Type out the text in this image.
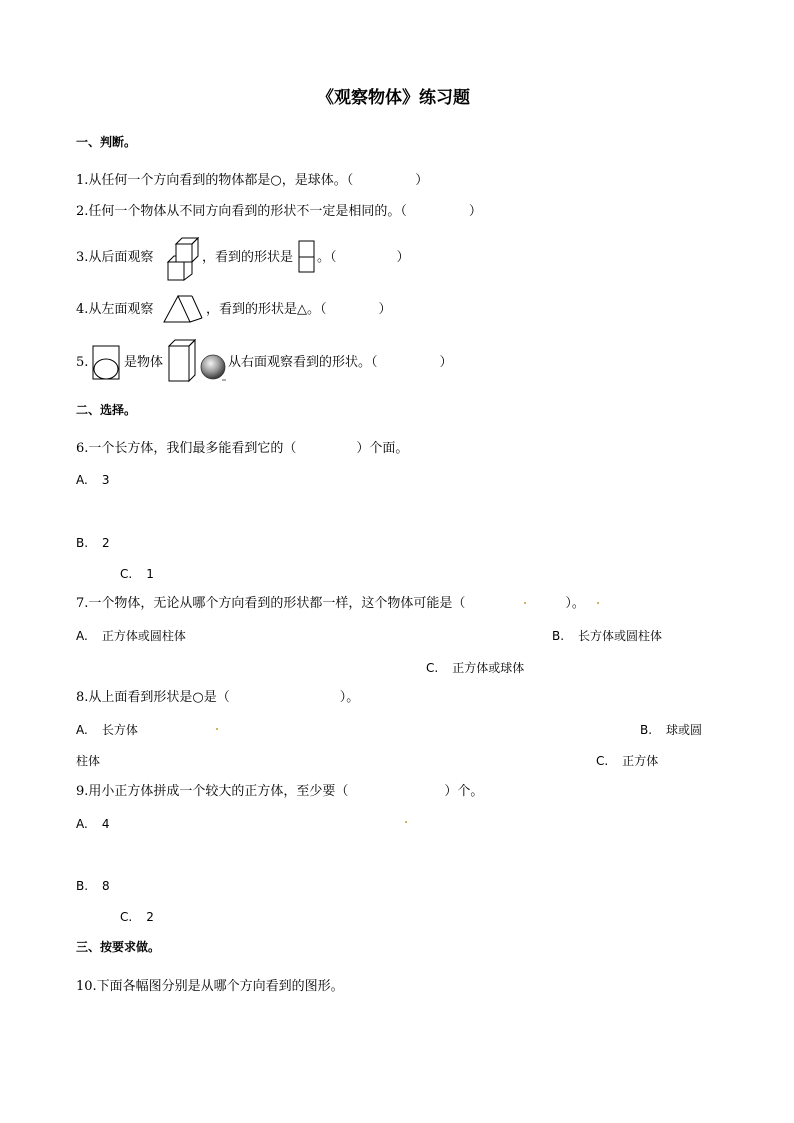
《观察物体》练习题
一、判断。
1.从任何一个方向看到的物体都是○，是球体。（	）
2.任何一个物体从不同方向看到的形状不一定是相同的。（	）
3.从后面观察	，看到的形状是 。（	）
4.从左面观察	，看到的形状是△。（	）
5.	是物体	从右面观察看到的形状。（	）
二、选择。
6.一个长方体，我们最多能看到它的（	）个面。
A. 3
B. 2
C. 1
7.一个物体，无论从哪个方向看到的形状都一样，这个物体可能是（	）。
A. 正方体或圆柱体	B. 长方体或圆柱体
C. 正方体或球体
8.从上面看到形状是○是（	）。
A. 长方体	B. 球或圆
柱体	C. 正方体
9.用小正方体拼成一个较大的正方体，至少要（	）个。
A. 4
B. 8
C. 2
三、按要求做。
10.下面各幅图分别是从哪个方向看到的图形。
